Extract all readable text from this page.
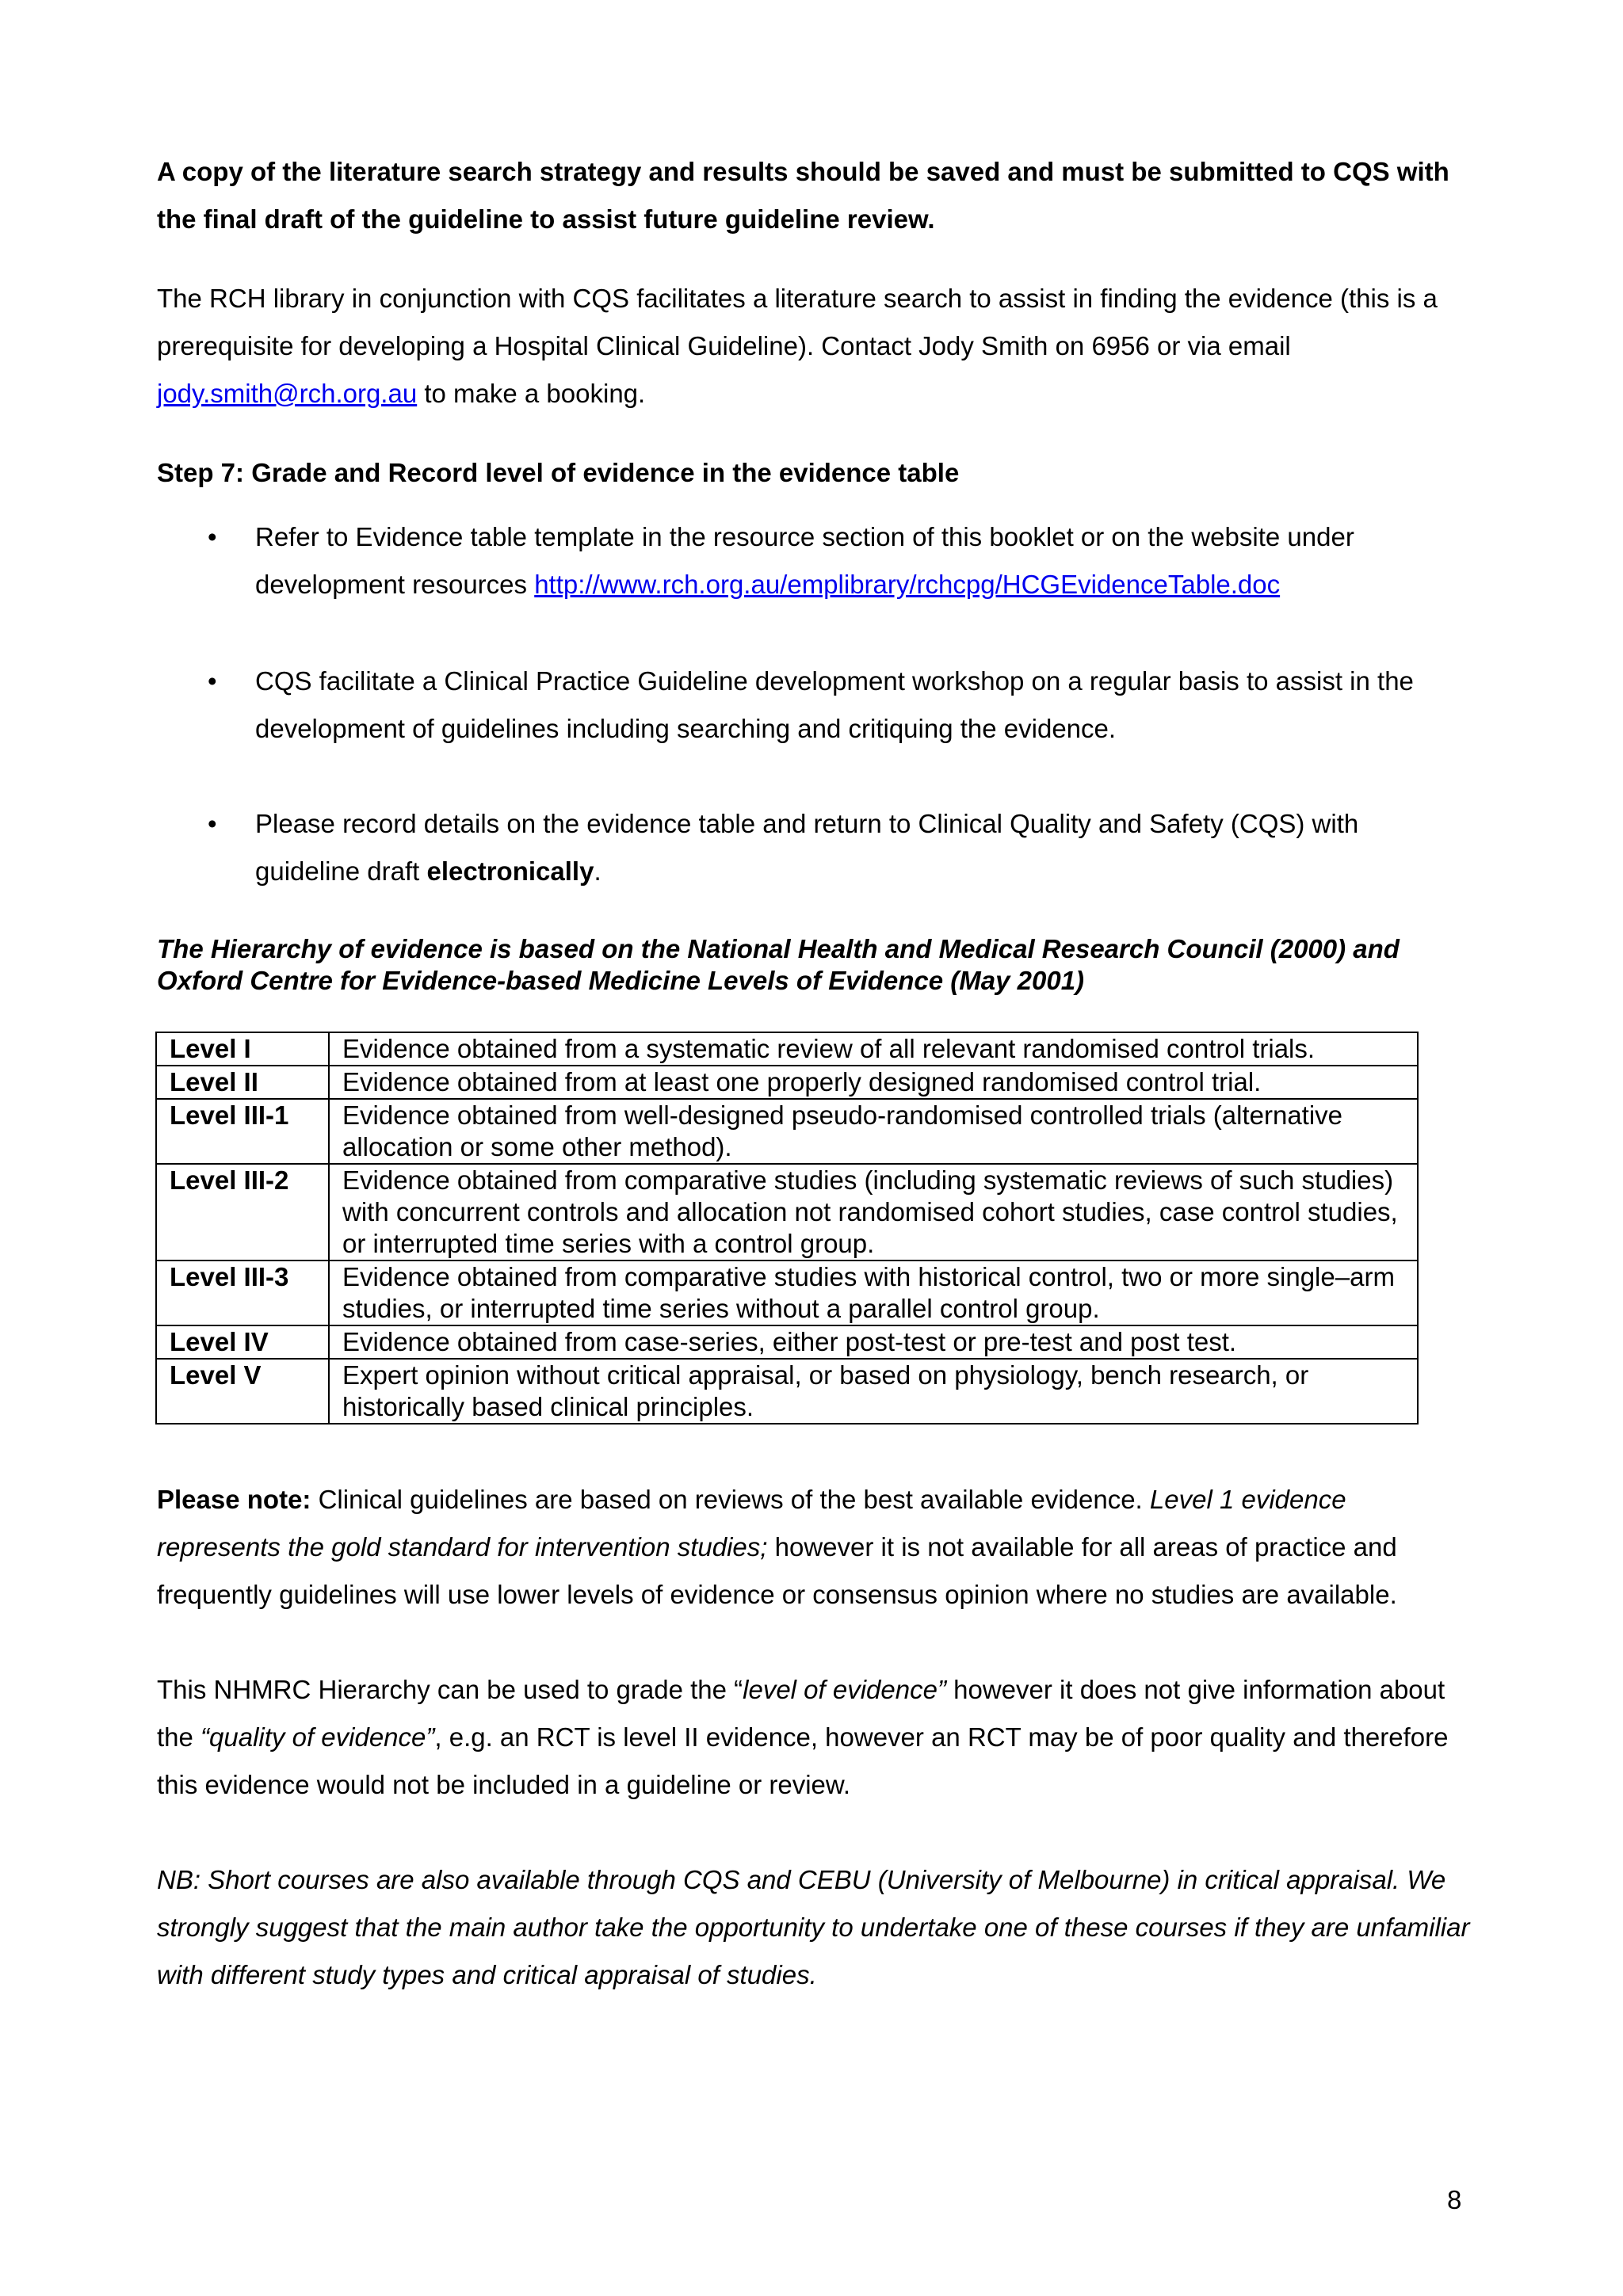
A copy of the literature search strategy and results should be saved and must be submitted to CQS with the final draft of the guideline to assist future guideline review.

The RCH library in conjunction with CQS facilitates a literature search to assist in finding the evidence (this is a prerequisite for developing a Hospital Clinical Guideline). Contact Jody Smith on 6956 or via email jody.smith@rch.org.au to make a booking.

Step 7: Grade and Record level of evidence in the evidence table

• Refer to Evidence table template in the resource section of this booklet or on the website under development resources http://www.rch.org.au/emplibrary/rchcpg/HCGEvidenceTable.doc

• CQS facilitate a Clinical Practice Guideline development workshop on a regular basis to assist in the development of guidelines including searching and critiquing the evidence.

• Please record details on the evidence table and return to Clinical Quality and Safety (CQS) with guideline draft electronically.

The Hierarchy of evidence is based on the National Health and Medical Research Council (2000) and Oxford Centre for Evidence-based Medicine Levels of Evidence (May 2001)

Level I	Evidence obtained from a systematic review of all relevant randomised control trials.
Level II	Evidence obtained from at least one properly designed randomised control trial.
Level III-1	Evidence obtained from well-designed pseudo-randomised controlled trials (alternative allocation or some other method).
Level III-2	Evidence obtained from comparative studies (including systematic reviews of such studies) with concurrent controls and allocation not randomised cohort studies, case control studies, or interrupted time series with a control group.
Level III-3	Evidence obtained from comparative studies with historical control, two or more single–arm studies, or interrupted time series without a parallel control group.
Level IV	Evidence obtained from case-series, either post-test or pre-test and post test.
Level V	Expert opinion without critical appraisal, or based on physiology, bench research, or historically based clinical principles.

Please note: Clinical guidelines are based on reviews of the best available evidence. Level 1 evidence represents the gold standard for intervention studies; however it is not available for all areas of practice and frequently guidelines will use lower levels of evidence or consensus opinion where no studies are available.

This NHMRC Hierarchy can be used to grade the “level of evidence” however it does not give information about the “quality of evidence”, e.g. an RCT is level II evidence, however an RCT may be of poor quality and therefore this evidence would not be included in a guideline or review.

NB: Short courses are also available through CQS and CEBU (University of Melbourne) in critical appraisal. We strongly suggest that the main author take the opportunity to undertake one of these courses if they are unfamiliar with different study types and critical appraisal of studies.

8
